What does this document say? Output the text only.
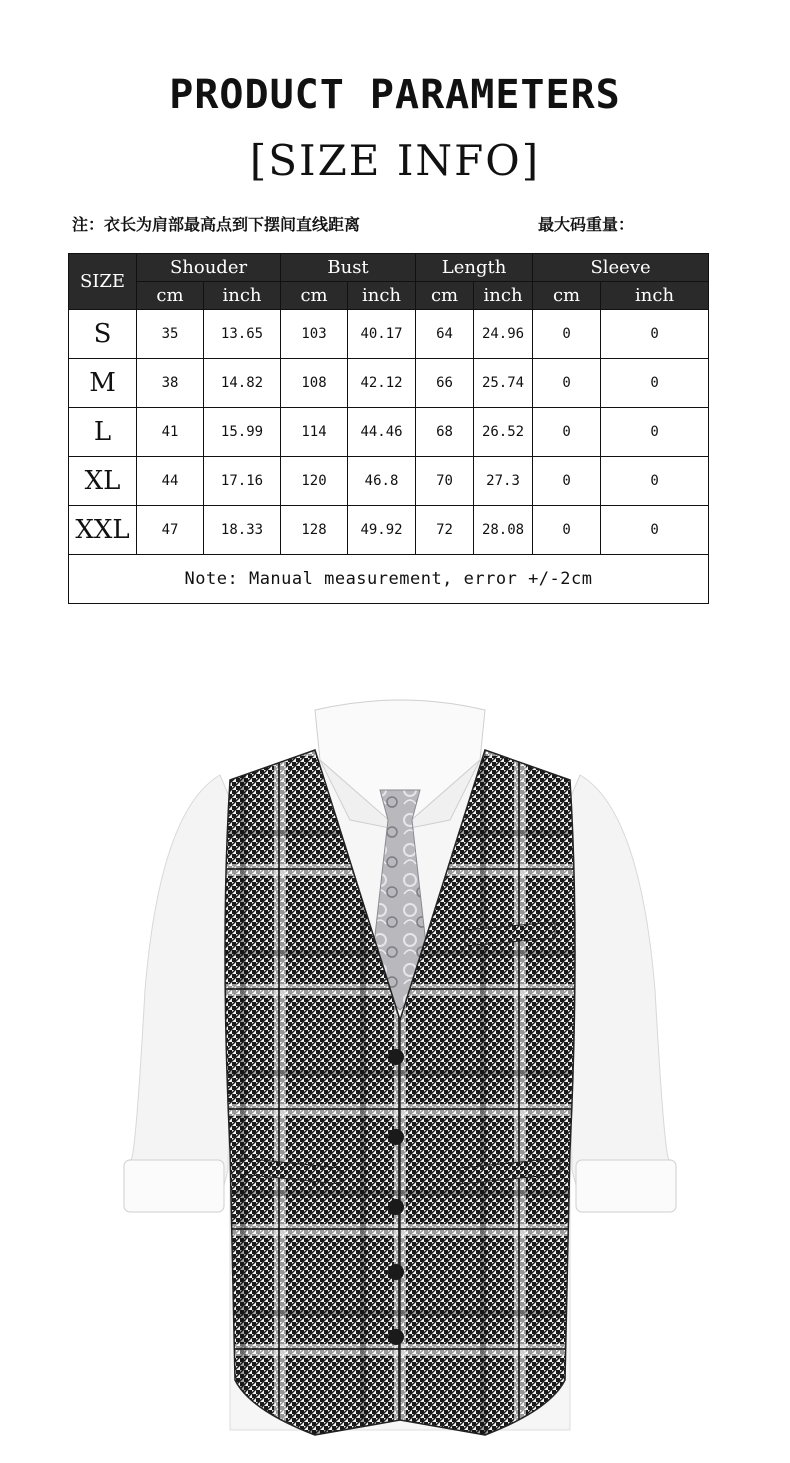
PRODUCT PARAMETERS
[SIZE INFO]
注：衣长为肩部最高点到下摆间直线距离	最大码重量：
SIZE	Shouder		Bust		Length		Sleeve	
	cm	inch	cm	inch	cm	inch	cm	inch
S	35	13.65	103	40.17	64	24.96	0	0
M	38	14.82	108	42.12	66	25.74	0	0
L	41	15.99	114	44.46	68	26.52	0	0
XL	44	17.16	120	46.8	70	27.3	0	0
XXL	47	18.33	128	49.92	72	28.08	0	0
Note: Manual measurement, error +/-2cm								
